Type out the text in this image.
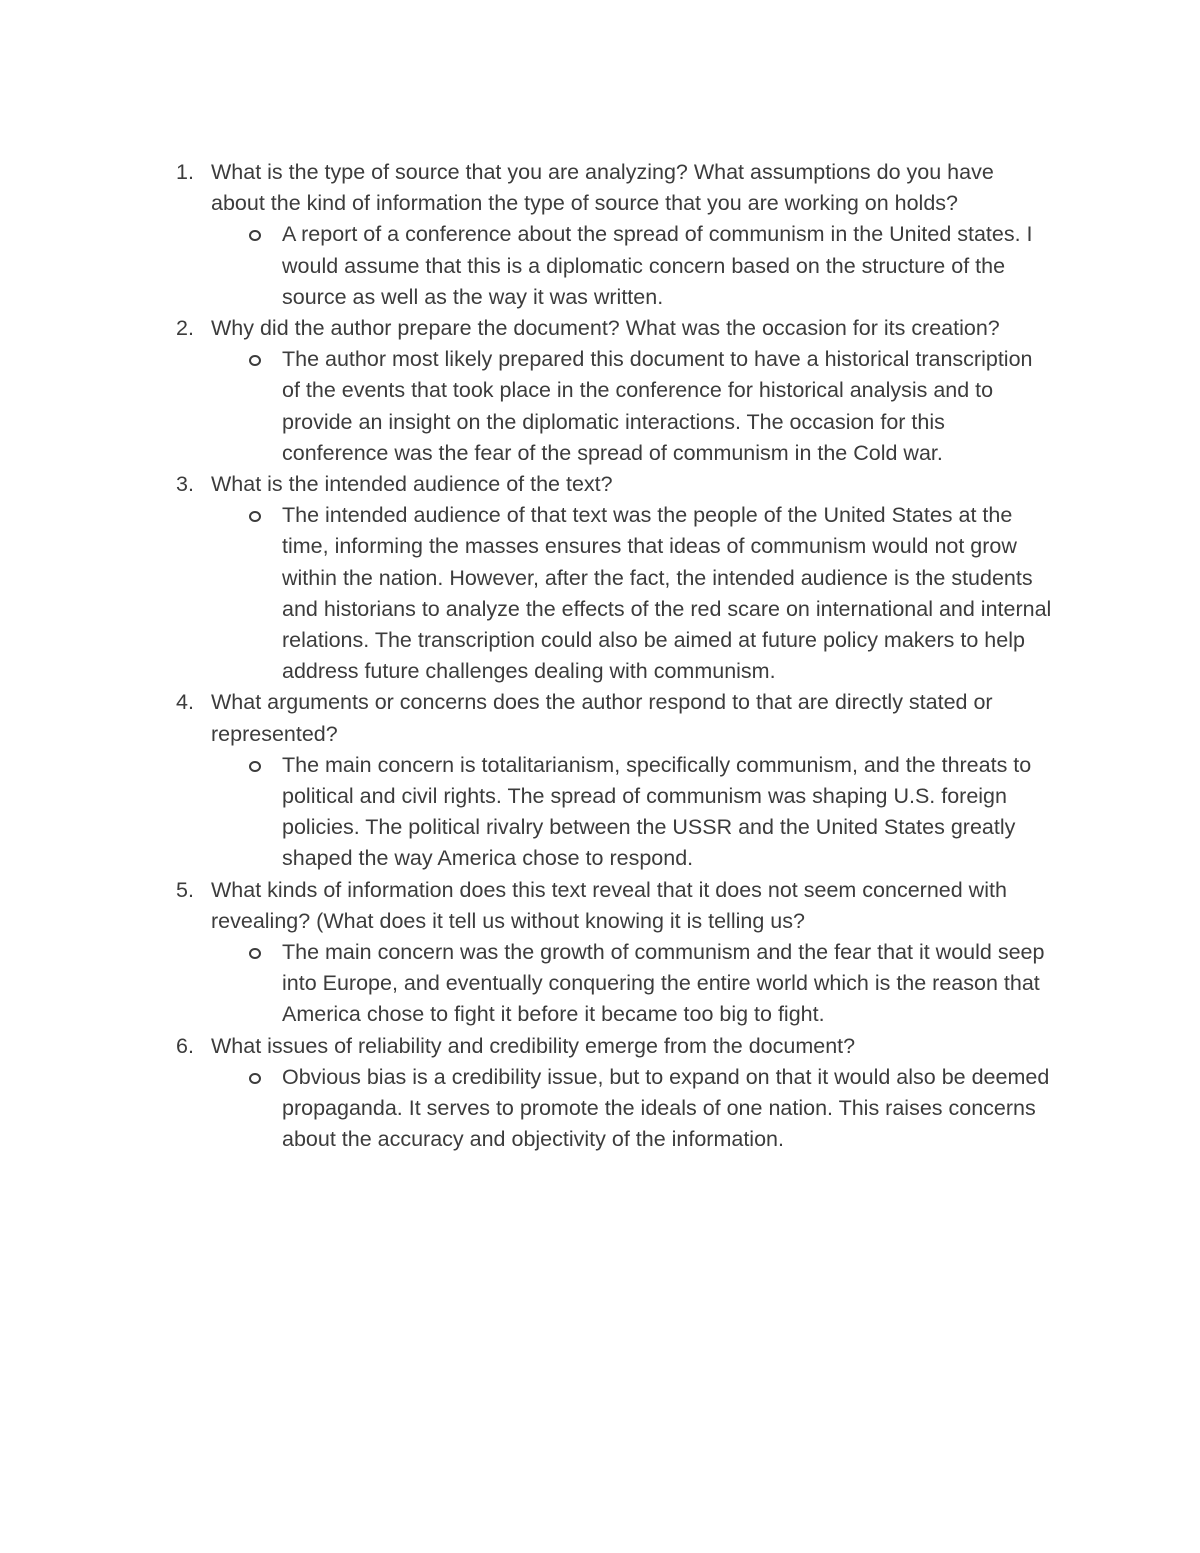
1. What is the type of source that you are analyzing? What assumptions do you have about the kind of information the type of source that you are working on holds?
A report of a conference about the spread of communism in the United states. I would assume that this is a diplomatic concern based on the structure of the source as well as the way it was written.
2. Why did the author prepare the document? What was the occasion for its creation?
The author most likely prepared this document to have a historical transcription of the events that took place in the conference for historical analysis and to provide an insight on the diplomatic interactions. The occasion for this conference was the fear of the spread of communism in the Cold war.
3. What is the intended audience of the text?
The intended audience of that text was the people of the United States at the time, informing the masses ensures that ideas of communism would not grow within the nation. However, after the fact, the intended audience is the students and historians to analyze the effects of the red scare on international and internal relations. The transcription could also be aimed at future policy makers to help address future challenges dealing with communism.
4. What arguments or concerns does the author respond to that are directly stated or represented?
The main concern is totalitarianism, specifically communism, and the threats to political and civil rights. The spread of communism was shaping U.S. foreign policies. The political rivalry between the USSR and the United States greatly shaped the way America chose to respond.
5. What kinds of information does this text reveal that it does not seem concerned with revealing? (What does it tell us without knowing it is telling us?
The main concern was the growth of communism and the fear that it would seep into Europe, and eventually conquering the entire world which is the reason that America chose to fight it before it became too big to fight.
6. What issues of reliability and credibility emerge from the document?
Obvious bias is a credibility issue, but to expand on that it would also be deemed propaganda. It serves to promote the ideals of one nation. This raises concerns about the accuracy and objectivity of the information.
